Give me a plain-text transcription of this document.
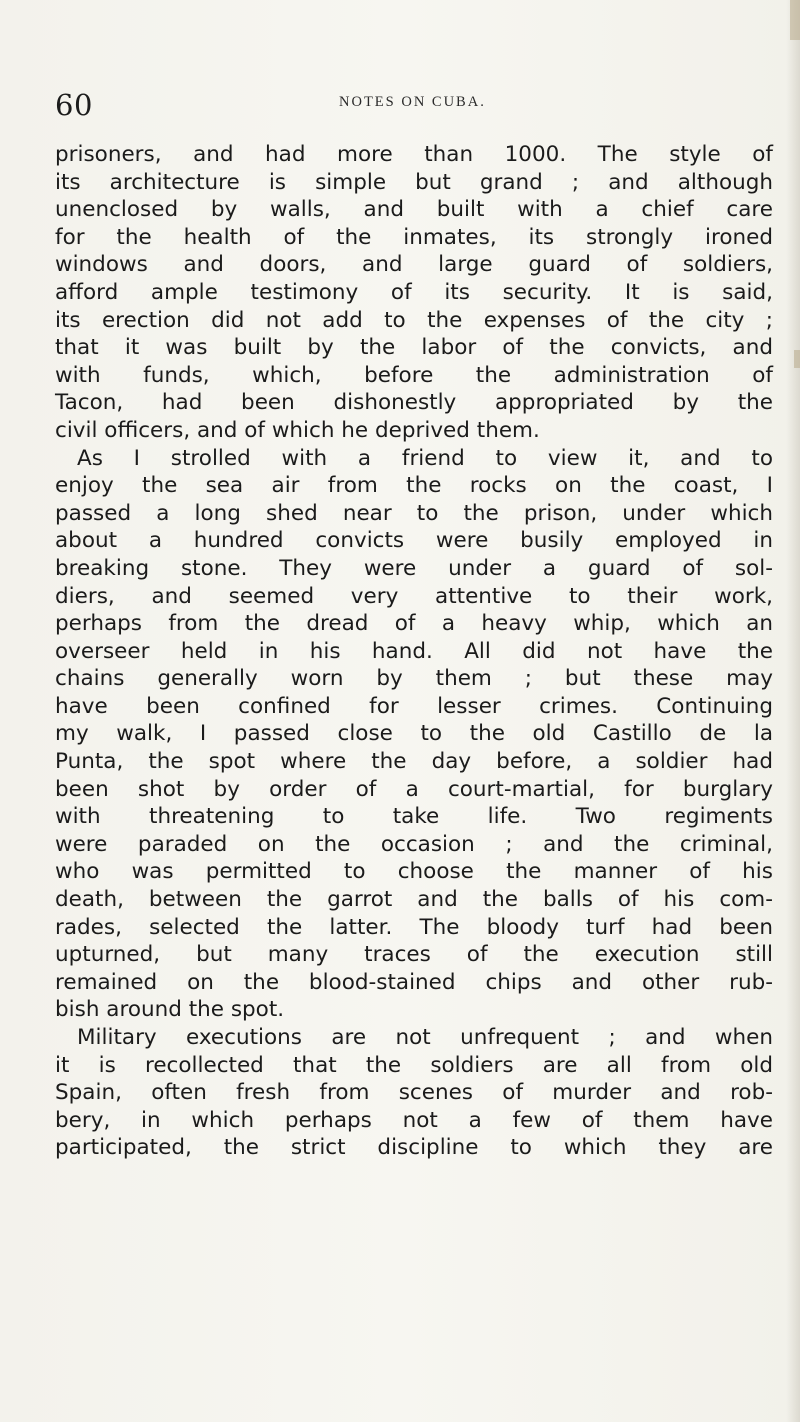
60	NOTES ON CUBA.
prisoners, and had more than 1000. The style of
its architecture is simple but grand ; and although
unenclosed by walls, and built with a chief care
for the health of the inmates, its strongly ironed
windows and doors, and large guard of soldiers,
afford ample testimony of its security. It is said,
its erection did not add to the expenses of the city ;
that it was built by the labor of the convicts, and
with funds, which, before the administration of
Tacon, had been dishonestly appropriated by the
civil officers, and of which he deprived them.
As I strolled with a friend to view it, and to
enjoy the sea air from the rocks on the coast, I
passed a long shed near to the prison, under which
about a hundred convicts were busily employed in
breaking stone. They were under a guard of sol-
diers, and seemed very attentive to their work,
perhaps from the dread of a heavy whip, which an
overseer held in his hand. All did not have the
chains generally worn by them ; but these may
have been confined for lesser crimes. Continuing
my walk, I passed close to the old Castillo de la
Punta, the spot where the day before, a soldier had
been shot by order of a court-martial, for burglary
with threatening to take life. Two regiments
were paraded on the occasion ; and the criminal,
who was permitted to choose the manner of his
death, between the garrot and the balls of his com-
rades, selected the latter. The bloody turf had been
upturned, but many traces of the execution still
remained on the blood-stained chips and other rub-
bish around the spot.
Military executions are not unfrequent ; and when
it is recollected that the soldiers are all from old
Spain, often fresh from scenes of murder and rob-
bery, in which perhaps not a few of them have
participated, the strict discipline to which they are
